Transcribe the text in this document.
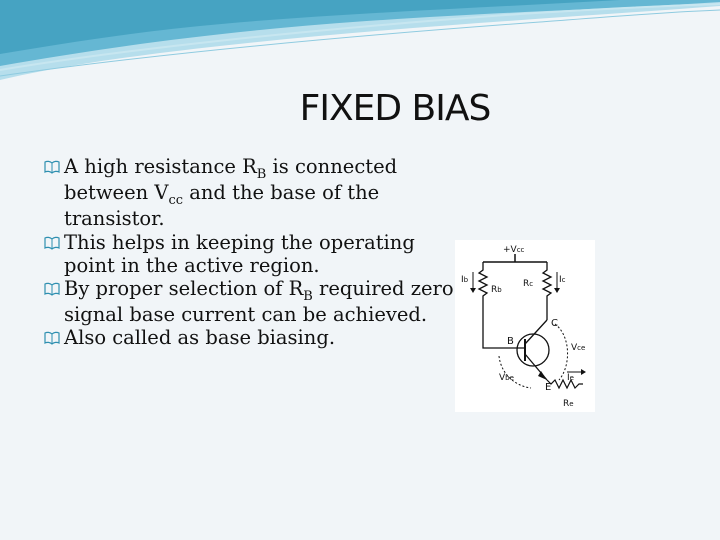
FIXED BIAS
A high resistance $R_B$ is connected between $V_{cc}$ and the base of the transistor.
This helps in keeping the operating point in the active region.
By proper selection of $R_B$ required zero signal base current can be achieved.
Also called as base biasing.
+Vcc
Rb
Ib	Rc	Ic
B
C
E
Vce
Vbe
Re
Ie
